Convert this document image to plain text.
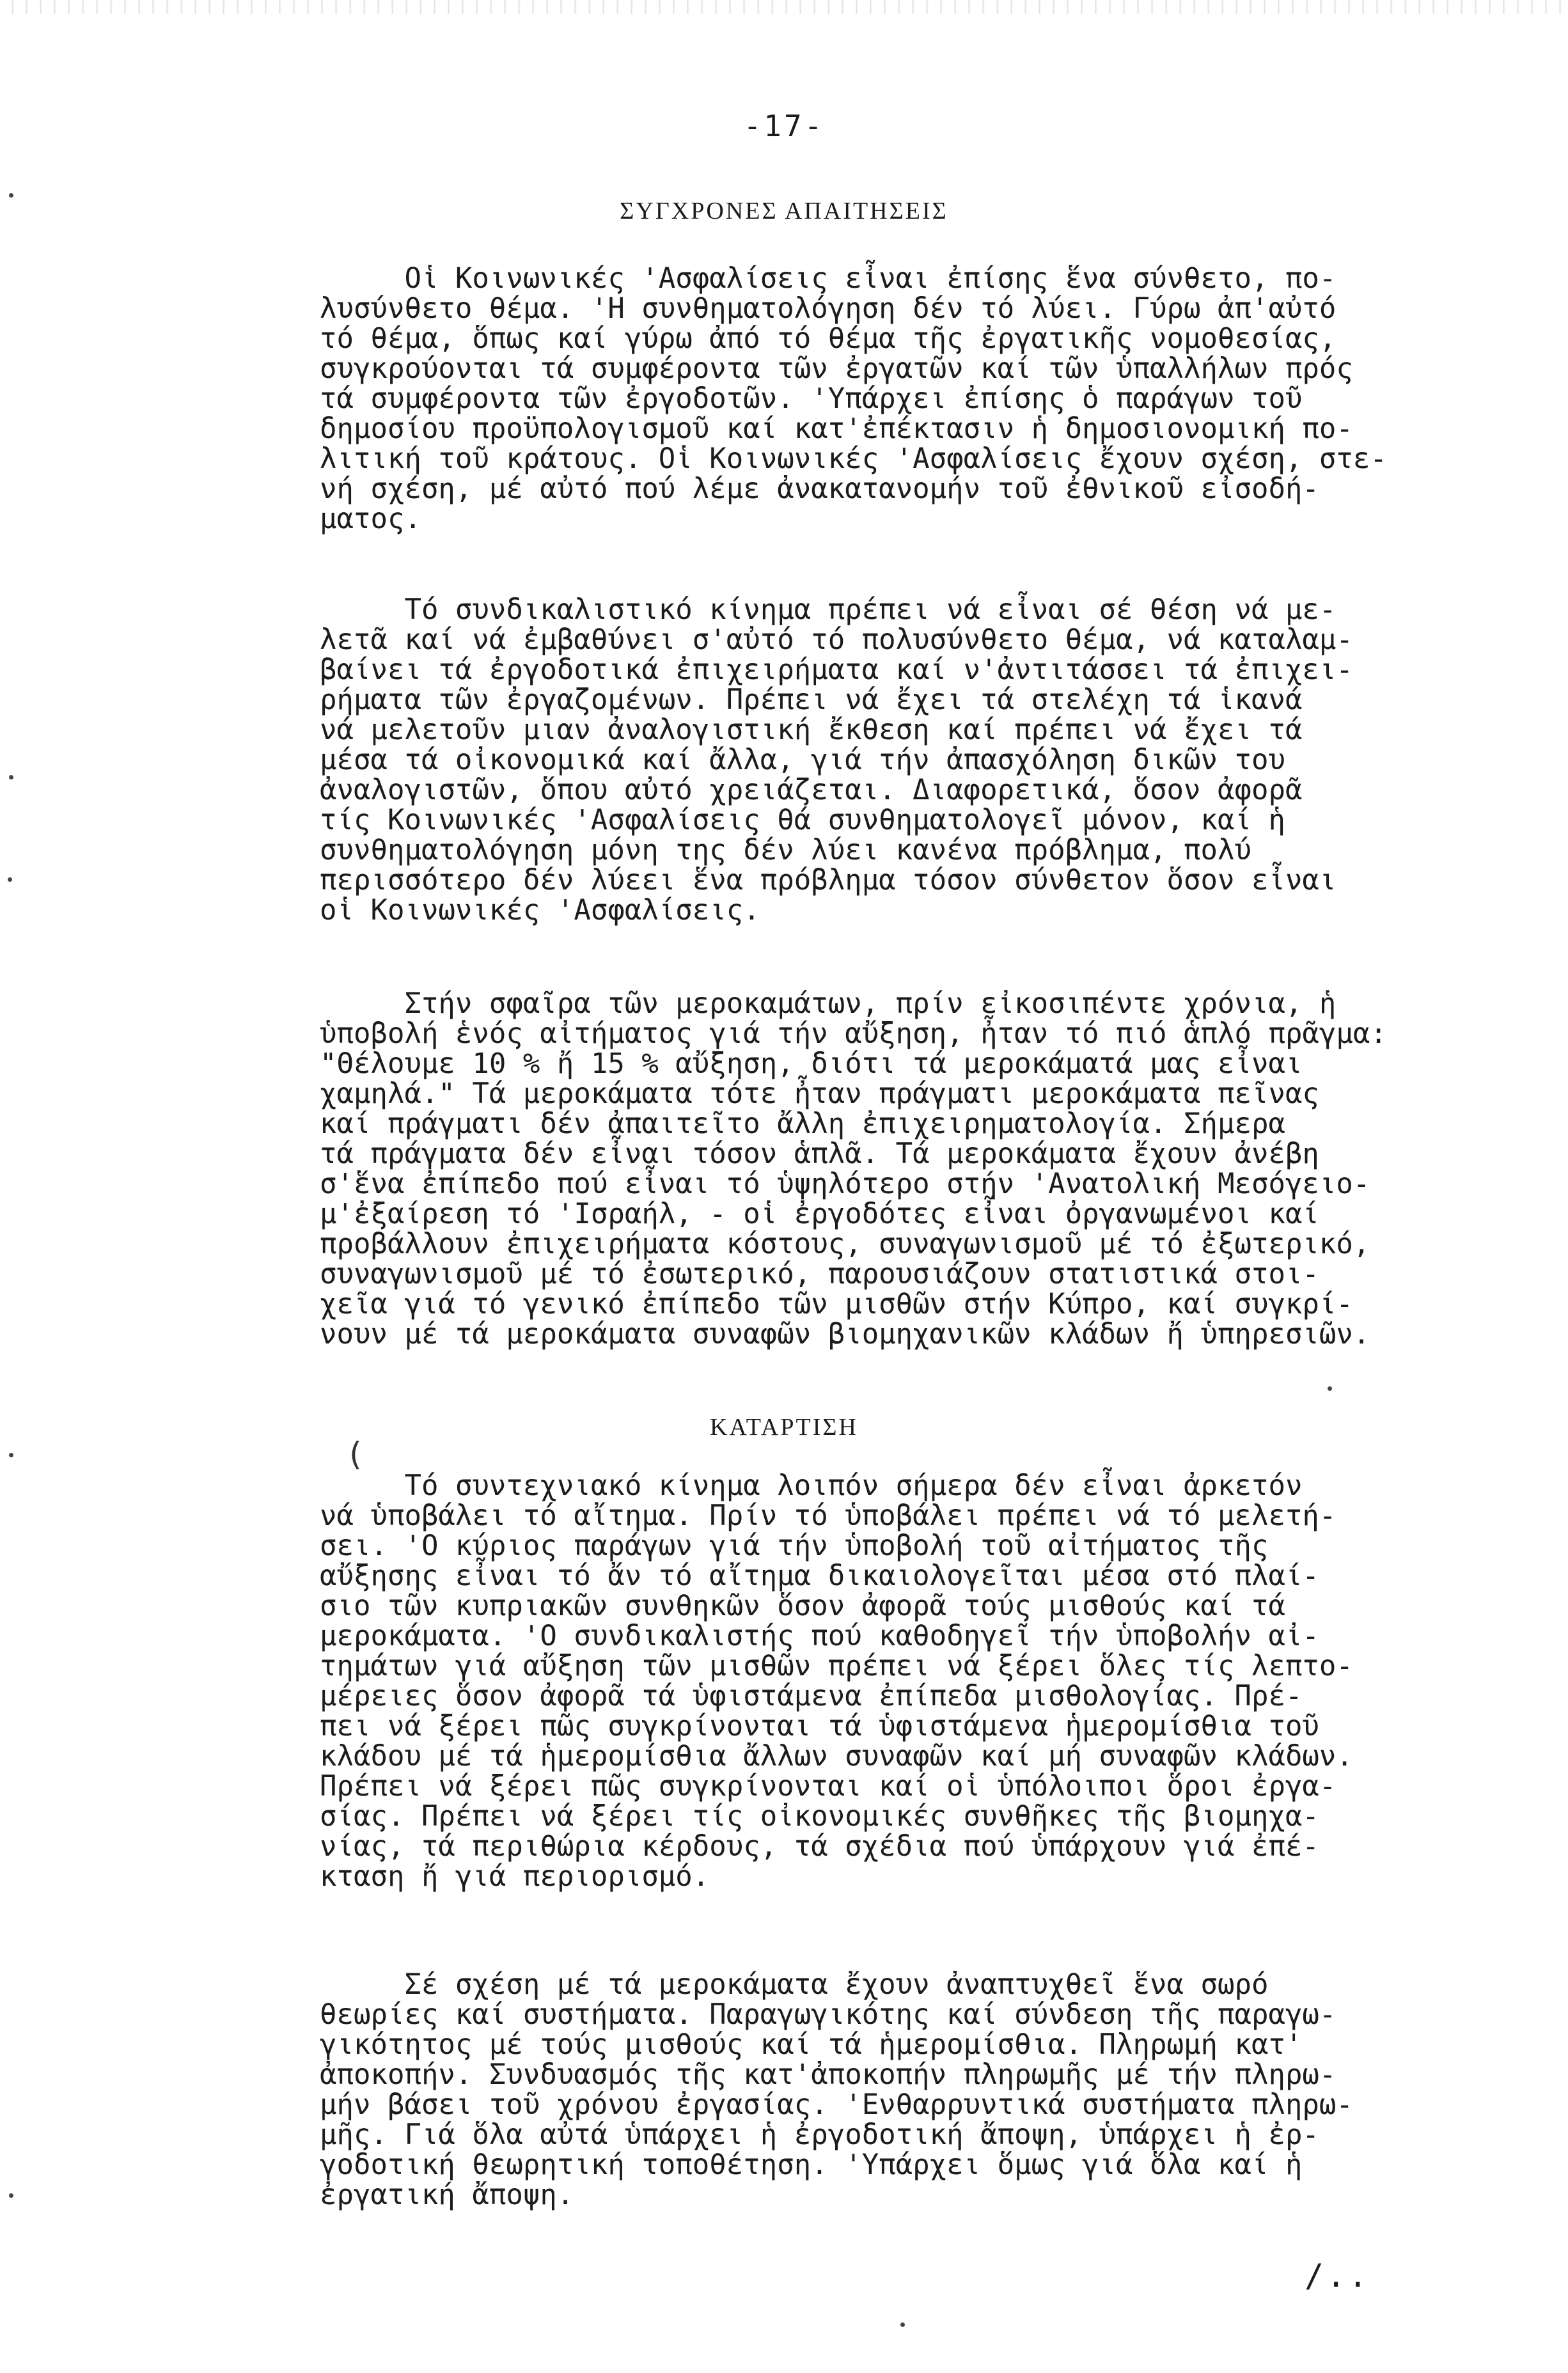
-17-
ΣΥΓΧΡΟΝΕΣ ΑΠΑΙΤΗΣΕΙΣ
Οἱ Κοινωνικές 'Ασφαλίσεις εἶναι ἐπίσης ἕνα σύνθετο, πο-
λυσύνθετο θέμα. 'Η συνθηματολόγηση δέν τό λύει. Γύρω ἀπ'αὐτό
τό θέμα, ὅπως καί γύρω ἀπό τό θέμα τῆς ἐργατικῆς νομοθεσίας,
συγκρούονται τά συμφέροντα τῶν ἐργατῶν καί τῶν ὑπαλλήλων πρός
τά συμφέροντα τῶν ἐργοδοτῶν. 'Υπάρχει ἐπίσης ὁ παράγων τοῦ
δημοσίου προϋπολογισμοῦ καί κατ'ἐπέκτασιν ἡ δημοσιονομική πο-
λιτική τοῦ κράτους. Οἱ Κοινωνικές 'Ασφαλίσεις ἔχουν σχέση, στε-
νή σχέση, μέ αὐτό πού λέμε ἀνακατανομήν τοῦ ἐθνικοῦ εἰσοδή-
ματος.
Τό συνδικαλιστικό κίνημα πρέπει νά εἶναι σέ θέση νά με-
λετᾶ καί νά ἐμβαθύνει σ'αὐτό τό πολυσύνθετο θέμα, νά καταλαμ-
βαίνει τά ἐργοδοτικά ἐπιχειρήματα καί ν'ἀντιτάσσει τά ἐπιχει-
ρήματα τῶν ἐργαζομένων. Πρέπει νά ἔχει τά στελέχη τά ἱκανά
νά μελετοῦν μιαν ἀναλογιστική ἔκθεση καί πρέπει νά ἔχει τά
μέσα τά οἰκονομικά καί ἄλλα, γιά τήν ἀπασχόληση δικῶν του
ἀναλογιστῶν, ὅπου αὐτό χρειάζεται. Διαφορετικά, ὅσον ἀφορᾶ
τίς Κοινωνικές 'Ασφαλίσεις θά συνθηματολογεῖ μόνον, καί ἡ
συνθηματολόγηση μόνη της δέν λύει κανένα πρόβλημα, πολύ
περισσότερο δέν λύεει ἕνα πρόβλημα τόσον σύνθετον ὅσον εἶναι
οἱ Κοινωνικές 'Ασφαλίσεις.
Στήν σφαῖρα τῶν μεροκαμάτων, πρίν εἰκοσιπέντε χρόνια, ἡ
ὑποβολή ἑνός αἰτήματος γιά τήν αὔξηση, ἦταν τό πιό ἁπλό πρᾶγμα:
"Θέλουμε 10 % ἤ 15 % αὔξηση, διότι τά μεροκάματά μας εἶναι
χαμηλά." Τά μεροκάματα τότε ἦταν πράγματι μεροκάματα πεῖνας
καί πράγματι δέν ἀπαιτεῖτο ἄλλη ἐπιχειρηματολογία. Σήμερα
τά πράγματα δέν εἶναι τόσον ἁπλᾶ. Τά μεροκάματα ἔχουν ἀνέβη
σ'ἕνα ἐπίπεδο πού εἶναι τό ὑψηλότερο στήν 'Ανατολική Μεσόγειο-
μ'ἐξαίρεση τό 'Ισραήλ, - οἱ ἐργοδότες εἶναι ὀργανωμένοι καί
προβάλλουν ἐπιχειρήματα κόστους, συναγωνισμοῦ μέ τό ἐξωτερικό,
συναγωνισμοῦ μέ τό ἐσωτερικό, παρουσιάζουν στατιστικά στοι-
χεῖα γιά τό γενικό ἐπίπεδο τῶν μισθῶν στήν Κύπρο, καί συγκρί-
νουν μέ τά μεροκάματα συναφῶν βιομηχανικῶν κλάδων ἤ ὑπηρεσιῶν.
ΚΑΤΑΡΤΙΣΗ
(
Τό συντεχνιακό κίνημα λοιπόν σήμερα δέν εἶναι ἀρκετόν
νά ὑποβάλει τό αἴτημα. Πρίν τό ὑποβάλει πρέπει νά τό μελετή-
σει. 'Ο κύριος παράγων γιά τήν ὑποβολή τοῦ αἰτήματος τῆς
αὔξησης εἶναι τό ἄν τό αἴτημα δικαιολογεῖται μέσα στό πλαί-
σιο τῶν κυπριακῶν συνθηκῶν ὅσον ἀφορᾶ τούς μισθούς καί τά
μεροκάματα. 'Ο συνδικαλιστής πού καθοδηγεῖ τήν ὑποβολήν αἰ-
τημάτων γιά αὔξηση τῶν μισθῶν πρέπει νά ξέρει ὅλες τίς λεπτο-
μέρειες ὅσον ἀφορᾶ τά ὑφιστάμενα ἐπίπεδα μισθολογίας. Πρέ-
πει νά ξέρει πῶς συγκρίνονται τά ὑφιστάμενα ἡμερομίσθια τοῦ
κλάδου μέ τά ἡμερομίσθια ἄλλων συναφῶν καί μή συναφῶν κλάδων.
Πρέπει νά ξέρει πῶς συγκρίνονται καί οἱ ὑπόλοιποι ὅροι ἐργα-
σίας. Πρέπει νά ξέρει τίς οἰκονομικές συνθῆκες τῆς βιομηχα-
νίας, τά περιθώρια κέρδους, τά σχέδια πού ὑπάρχουν γιά ἐπέ-
κταση ἤ γιά περιορισμό.
Σέ σχέση μέ τά μεροκάματα ἔχουν ἀναπτυχθεῖ ἕνα σωρό
θεωρίες καί συστήματα. Παραγωγικότης καί σύνδεση τῆς παραγω-
γικότητος μέ τούς μισθούς καί τά ἡμερομίσθια. Πληρωμή κατ'
ἀποκοπήν. Συνδυασμός τῆς κατ'ἀποκοπήν πληρωμῆς μέ τήν πληρω-
μήν βάσει τοῦ χρόνου ἐργασίας. 'Ενθαρρυντικά συστήματα πληρω-
μῆς. Γιά ὅλα αὐτά ὑπάρχει ἡ ἐργοδοτική ἄποψη, ὑπάρχει ἡ ἐρ-
γοδοτική θεωρητική τοποθέτηση. 'Υπάρχει ὅμως γιά ὅλα καί ἡ
ἐργατική ἄποψη.
/..
